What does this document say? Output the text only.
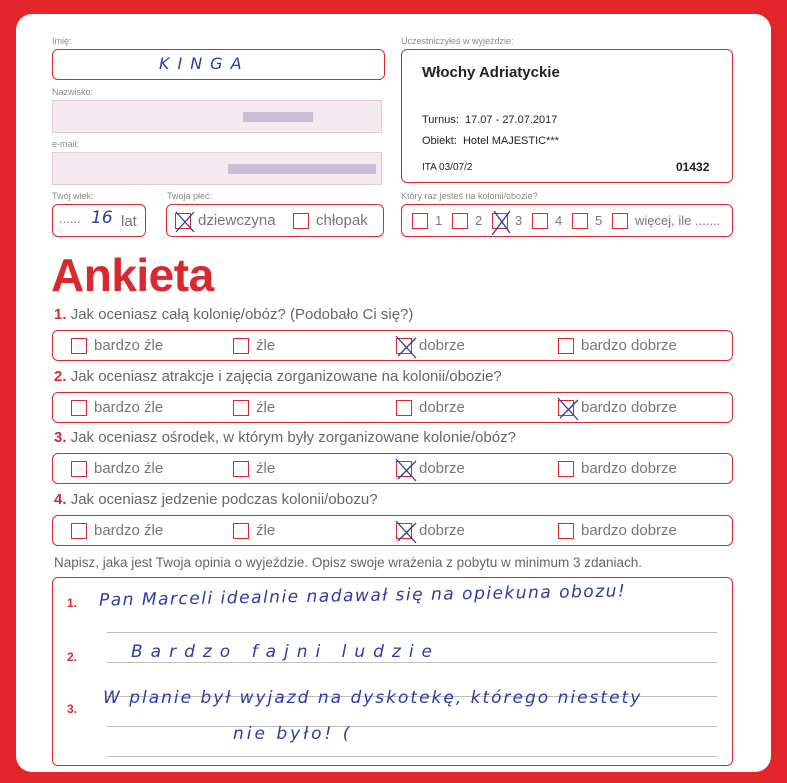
Imię:
KINGA
Nazwisko:
e-mail:
Twój wiek:
...... 16 lat
Twoja płeć:
dziewczyna	chłopak
Uczestniczyłeś w wyjeździe:
Włochy Adriatyckie
Turnus: 17.07 - 27.07.2017
Obiekt: Hotel MAJESTIC***
ITA 03/07/2	01432
Który raz jesteś na kolonii/obozie?
1	2	3	4	5	więcej, ile .......
Ankieta
1. Jak oceniasz całą kolonię/obóz? (Podobało Ci się?)
bardzo źle	źle	dobrze	bardzo dobrze
2. Jak oceniasz atrakcje i zajęcia zorganizowane na kolonii/obozie?
bardzo źle	źle	dobrze	bardzo dobrze
3. Jak oceniasz ośrodek, w którym były zorganizowane kolonie/obóz?
bardzo źle	źle	dobrze	bardzo dobrze
4. Jak oceniasz jedzenie podczas kolonii/obozu?
bardzo źle	źle	dobrze	bardzo dobrze
Napisz, jaka jest Twoja opinia o wyjeździe. Opisz swoje wrażenia z pobytu w minimum 3 zdaniach.
1. Pan Marceli idealnie nadawał się na opiekuna obozu!
2.	Bardzo fajni ludzie
3.
W planie był wyjazd na dyskotekę, którego niestety
nie było! (
